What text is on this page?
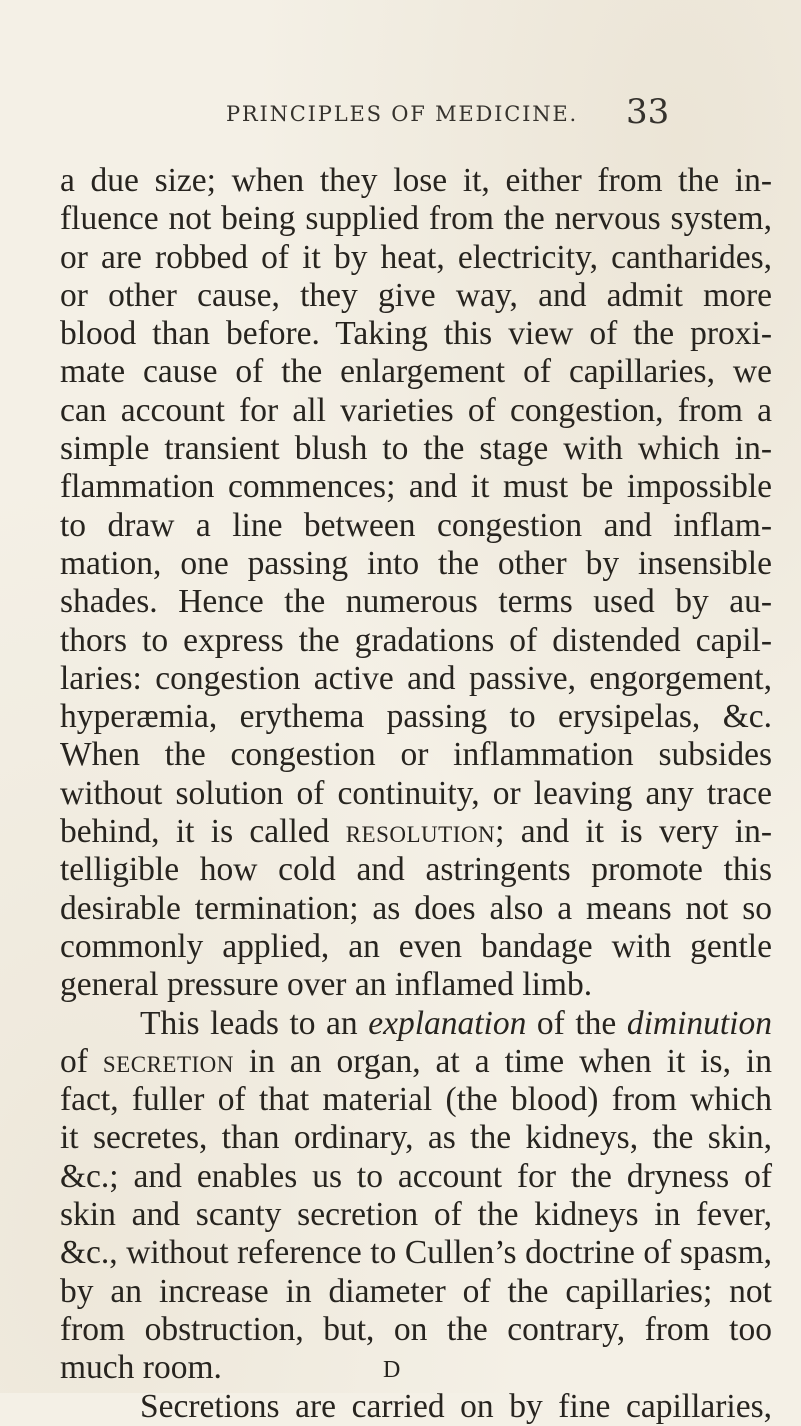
PRINCIPLES OF MEDICINE. 33
a due size; when they lose it, either from the in-
fluence not being supplied from the nervous system,
or are robbed of it by heat, electricity, cantharides,
or other cause, they give way, and admit more
blood than before. Taking this view of the proxi-
mate cause of the enlargement of capillaries, we
can account for all varieties of congestion, from a
simple transient blush to the stage with which in-
flammation commences; and it must be impossible
to draw a line between congestion and inflam-
mation, one passing into the other by insensible
shades. Hence the numerous terms used by au-
thors to express the gradations of distended capil-
laries: congestion active and passive, engorgement,
hyperæmia, erythema passing to erysipelas, &c.
When the congestion or inflammation subsides
without solution of continuity, or leaving any trace
behind, it is called resolution; and it is very in-
telligible how cold and astringents promote this
desirable termination; as does also a means not so
commonly applied, an even bandage with gentle
general pressure over an inflamed limb.
This leads to an explanation of the diminution
of secretion in an organ, at a time when it is, in
fact, fuller of that material (the blood) from which
it secretes, than ordinary, as the kidneys, the skin,
&c.; and enables us to account for the dryness of
skin and scanty secretion of the kidneys in fever,
&c., without reference to Cullen’s doctrine of spasm,
by an increase in diameter of the capillaries; not
from obstruction, but, on the contrary, from too
much room.
Secretions are carried on by fine capillaries,
D
